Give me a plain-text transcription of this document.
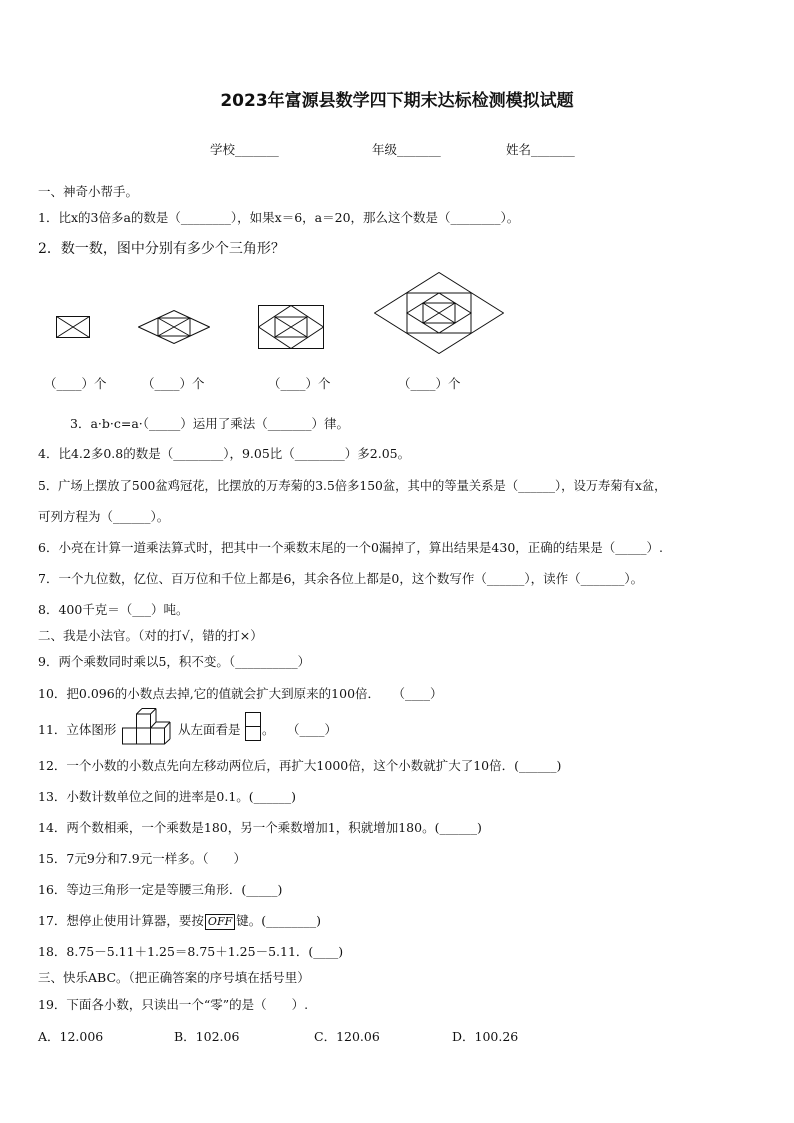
2023年富源县数学四下期末达标检测模拟试题
学校_______	年级_______	姓名_______
一、神奇小帮手。
1．比x的3倍多a的数是（________），如果x＝6，a＝20，那么这个数是（________）。
2．数一数，图中分别有多少个三角形？
（____）个	（____）个	（____）个	（____）个
3．a·b·c=a·（_____）运用了乘法（_______）律。
4．比4.2多0.8的数是（________），9.05比（________）多2.05。
5．广场上摆放了500盆鸡冠花，比摆放的万寿菊的3.5倍多150盆，其中的等量关系是（______），设万寿菊有x盆，
可列方程为（______）。
6．小亮在计算一道乘法算式时，把其中一个乘数末尾的一个0漏掉了，算出结果是430，正确的结果是（_____）.
7．一个九位数，亿位、百万位和千位上都是6，其余各位上都是0，这个数写作（______），读作（_______）。
8．400千克＝（___）吨。
二、我是小法官。（对的打√，错的打×）
9．两个乘数同时乘以5，积不变。（__________）
10．把0.096的小数点去掉,它的值就会扩大到原来的100倍．　　（____）
11．立体图形	从左面看是 。　　（____）
12．一个小数的小数点先向左移动两位后，再扩大1000倍，这个小数就扩大了10倍．(______)
13．小数计数单位之间的进率是0.1。(______)
14．两个数相乘，一个乘数是180，另一个乘数增加1，积就增加180。(______)
15．7元9分和7.9元一样多。（　　）
16．等边三角形一定是等腰三角形．(_____)
17．想停止使用计算器，要按 OFF 键。(________)
18．8.75－5.11＋1.25＝8.75＋1.25－5.11．(____)
三、快乐ABC。（把正确答案的序号填在括号里）
19．下面各小数，只读出一个“零”的是（　　）.
A．12.006	B．102.06	C．120.06	D．100.26
